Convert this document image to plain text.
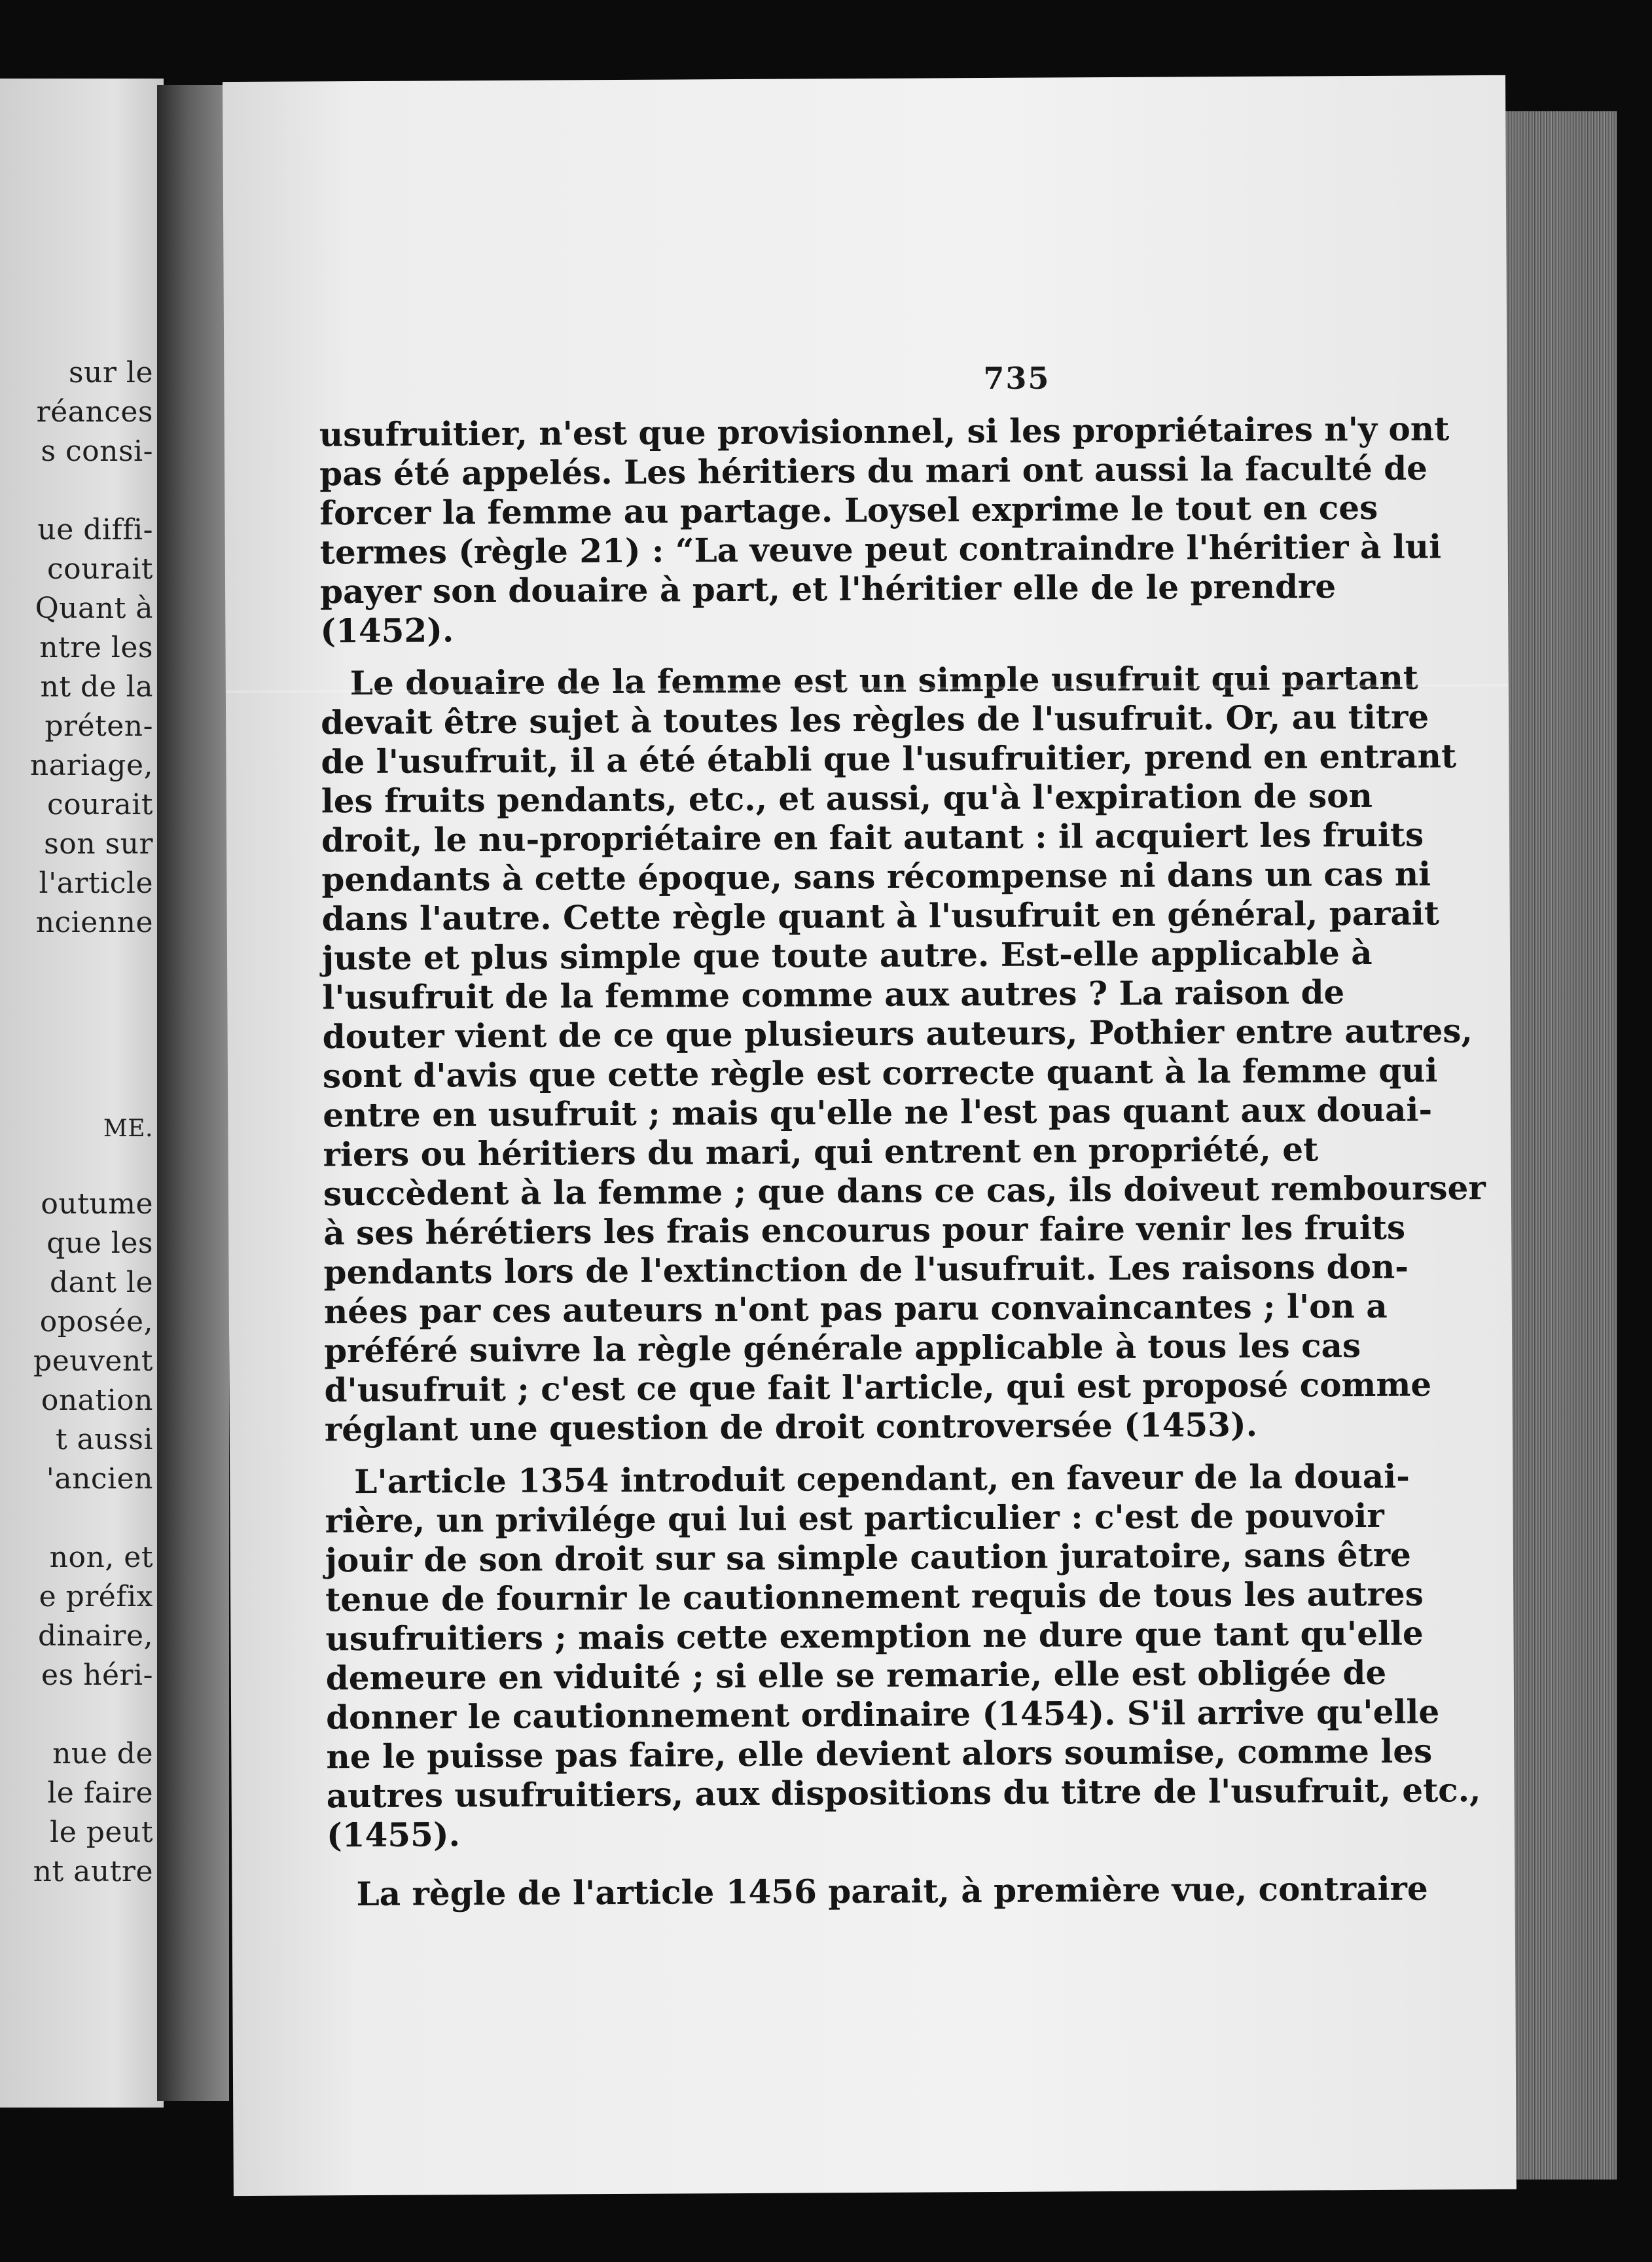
sur le
réances
s consi-
ue diffi-
courait
Quant à
ntre les
nt de la
préten-
nariage,
courait
son sur
l'article
ncienne
ME.
outume
que les
dant le
oposée,
peuvent
onation
t aussi
'ancien
non, et
e préfix
dinaire,
es héri-
nue de
le faire
le peut
nt autre
735
usufruitier, n'est que provisionnel, si les propriétaires n'y ont
pas été appelés. Les héritiers du mari ont aussi la faculté de
forcer la femme au partage. Loysel exprime le tout en ces
termes (règle 21) : “La veuve peut contraindre l'héritier à lui
payer son douaire à part, et l'héritier elle de le prendre
(1452).
Le douaire de la femme est un simple usufruit qui partant
devait être sujet à toutes les règles de l'usufruit. Or, au titre
de l'usufruit, il a été établi que l'usufruitier, prend en entrant
les fruits pendants, etc., et aussi, qu'à l'expiration de son
droit, le nu-propriétaire en fait autant : il acquiert les fruits
pendants à cette époque, sans récompense ni dans un cas ni
dans l'autre. Cette règle quant à l'usufruit en général, parait
juste et plus simple que toute autre. Est-elle applicable à
l'usufruit de la femme comme aux autres ? La raison de
douter vient de ce que plusieurs auteurs, Pothier entre autres,
sont d'avis que cette règle est correcte quant à la femme qui
entre en usufruit ; mais qu'elle ne l'est pas quant aux douai-
riers ou héritiers du mari, qui entrent en propriété, et
succèdent à la femme ; que dans ce cas, ils doiveut rembourser
à ses hérétiers les frais encourus pour faire venir les fruits
pendants lors de l'extinction de l'usufruit. Les raisons don-
nées par ces auteurs n'ont pas paru convaincantes ; l'on a
préféré suivre la règle générale applicable à tous les cas
d'usufruit ; c'est ce que fait l'article, qui est proposé comme
réglant une question de droit controversée (1453).
L'article 1354 introduit cependant, en faveur de la douai-
rière, un privilége qui lui est particulier : c'est de pouvoir
jouir de son droit sur sa simple caution juratoire, sans être
tenue de fournir le cautionnement requis de tous les autres
usufruitiers ; mais cette exemption ne dure que tant qu'elle
demeure en viduité ; si elle se remarie, elle est obligée de
donner le cautionnement ordinaire (1454). S'il arrive qu'elle
ne le puisse pas faire, elle devient alors soumise, comme les
autres usufruitiers, aux dispositions du titre de l'usufruit, etc.,
(1455).
La règle de l'article 1456 parait, à première vue, contraire
